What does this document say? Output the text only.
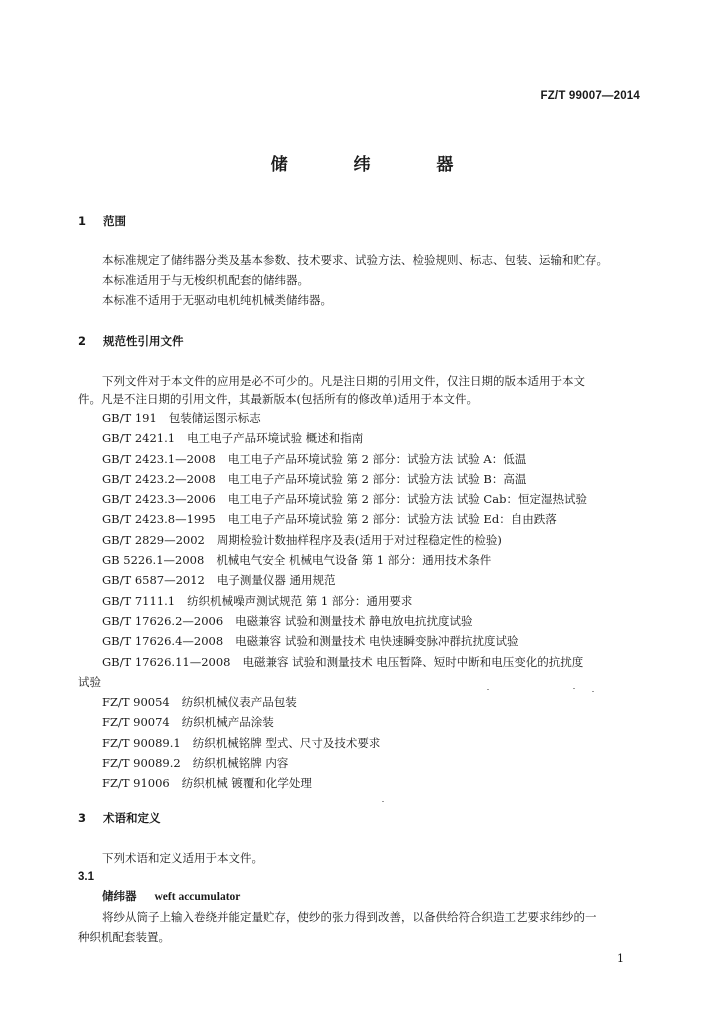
FZ/T 99007—2014
储 纬 器
1 范围
本标准规定了储纬器分类及基本参数、技术要求、试验方法、检验规则、标志、包装、运输和贮存。
本标准适用于与无梭织机配套的储纬器。
本标准不适用于无驱动电机纯机械类储纬器。
2 规范性引用文件
下列文件对于本文件的应用是必不可少的。凡是注日期的引用文件，仅注日期的版本适用于本文
件。凡是不注日期的引用文件，其最新版本(包括所有的修改单)适用于本文件。
GB/T 191 包装储运图示标志
GB/T 2421.1 电工电子产品环境试验 概述和指南
GB/T 2423.1—2008 电工电子产品环境试验 第 2 部分：试验方法 试验 A：低温
GB/T 2423.2—2008 电工电子产品环境试验 第 2 部分：试验方法 试验 B：高温
GB/T 2423.3—2006 电工电子产品环境试验 第 2 部分：试验方法 试验 Cab：恒定湿热试验
GB/T 2423.8—1995 电工电子产品环境试验 第 2 部分：试验方法 试验 Ed：自由跌落
GB/T 2829—2002 周期检验计数抽样程序及表(适用于对过程稳定性的检验)
GB 5226.1—2008 机械电气安全 机械电气设备 第 1 部分：通用技术条件
GB/T 6587—2012 电子测量仪器 通用规范
GB/T 7111.1 纺织机械噪声测试规范 第 1 部分：通用要求
GB/T 17626.2—2006 电磁兼容 试验和测量技术 静电放电抗扰度试验
GB/T 17626.4—2008 电磁兼容 试验和测量技术 电快速瞬变脉冲群抗扰度试验
GB/T 17626.11—2008 电磁兼容 试验和测量技术 电压暂降、短时中断和电压变化的抗扰度
试验
FZ/T 90054 纺织机械仪表产品包装
FZ/T 90074 纺织机械产品涂装
FZ/T 90089.1 纺织机械铭牌 型式、尺寸及技术要求
FZ/T 90089.2 纺织机械铭牌 内容
FZ/T 91006 纺织机械 镀覆和化学处理
3 术语和定义
下列术语和定义适用于本文件。
3.1
储纬器 weft accumulator
将纱从筒子上输入卷绕并能定量贮存，使纱的张力得到改善，以备供给符合织造工艺要求纬纱的一
种织机配套装置。
1
